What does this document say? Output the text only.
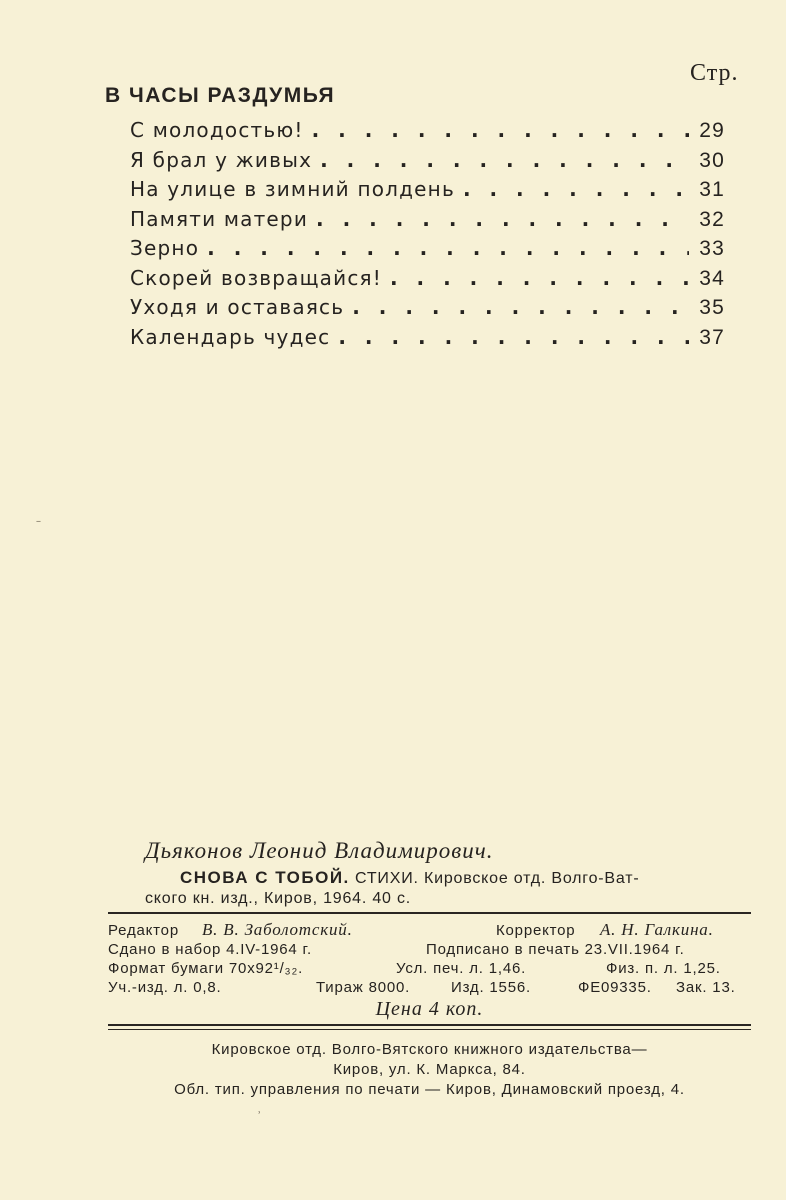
Стр.
В ЧАСЫ РАЗДУМЬЯ
С молодостью! . . .	29
Я брал у живых . . .	30
На улице в зимний полдень . . .	31
Памяти матери . . .	32
Зерно . . .	33
Скорей возвращайся! . . .	34
Уходя и оставаясь . . .	35
Календарь чудес . . .	37
–
Дьяконов Леонид Владимирович.
СНОВА С ТОБОЙ. СТИХИ. Кировское отд. Волго-Ват-
ского кн. изд., Киров, 1964. 40 с.
Редактор В. В. Заболотский.	Корректор А. Н. Галкина.
Сдано в набор 4.IV-1964 г.	Подписано в печать 23.VII.1964 г.
Формат бумаги 70х92¹/₃₂.	Усл. печ. л. 1,46.	Физ. п. л. 1,25.
Уч.-изд. л. 0,8.	Тираж 8000.	Изд. 1556.	ФЕ09335. Зак. 13.
Цена 4 коп.
Кировское отд. Волго-Вятского книжного издательства—
Киров, ул. К. Маркса, 84.
Обл. тип. управления по печати — Киров, Динамовский проезд, 4.
˒
